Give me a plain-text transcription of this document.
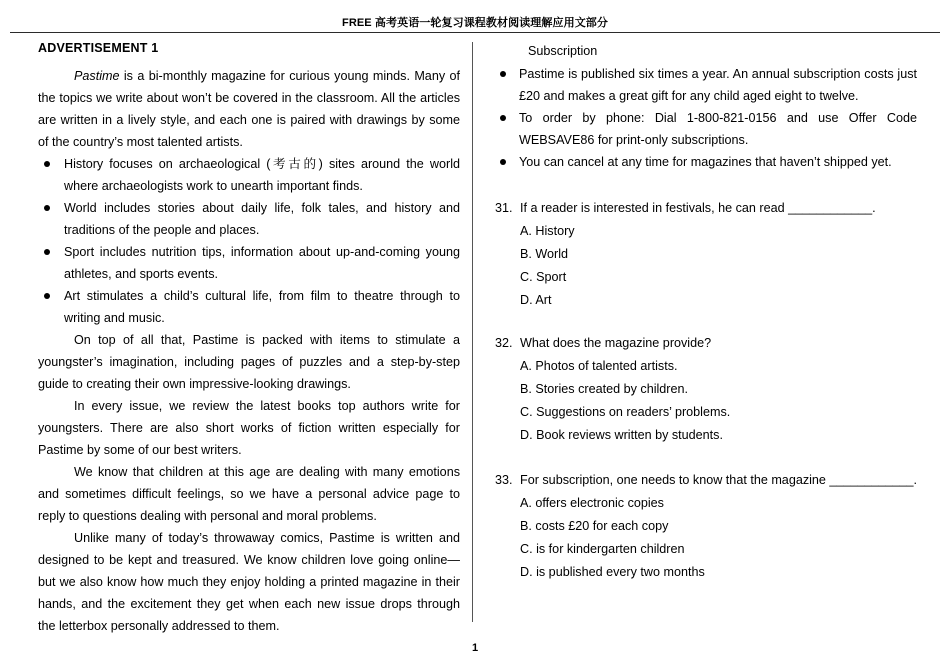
FREE 高考英语一轮复习课程教材阅读理解应用文部分
ADVERTISEMENT 1

Pastime is a bi-monthly magazine for curious young minds. Many of the topics we write about won’t be covered in the classroom. All the articles are written in a lively style, and each one is paired with drawings by some of the country’s most talented artists.

History focuses on archaeological (考古的) sites around the world where archaeologists work to unearth important finds.
World includes stories about daily life, folk tales, and history and traditions of the people and places.
Sport includes nutrition tips, information about up-and-coming young athletes, and sports events.
Art stimulates a child’s cultural life, from film to theatre through to writing and music.

On top of all that, Pastime is packed with items to stimulate a youngster’s imagination, including pages of puzzles and a step-by-step guide to creating their own impressive-looking drawings.

In every issue, we review the latest books top authors write for youngsters. There are also short works of fiction written especially for Pastime by some of our best writers.

We know that children at this age are dealing with many emotions and sometimes difficult feelings, so we have a personal advice page to reply to questions dealing with personal and moral problems.

Unlike many of today’s throwaway comics, Pastime is written and designed to be kept and treasured. We know children love going online—but we also know how much they enjoy holding a printed magazine in their hands, and the excitement they get when each new issue drops through the letterbox personally addressed to them.

Subscription
Pastime is published six times a year. An annual subscription costs just £20 and makes a great gift for any child aged eight to twelve.
To order by phone: Dial 1-800-821-0156 and use Offer Code WEBSAVE86 for print-only subscriptions.
You can cancel at any time for magazines that haven’t shipped yet.

31. If a reader is interested in festivals, he can read ____________.

A. History

B. World

C. Sport

D. Art

32. What does the magazine provide?

A. Photos of talented artists.

B. Stories created by children.

C. Suggestions on readers’ problems.

D. Book reviews written by students.

33. For subscription, one needs to know that the magazine ____________.

A. offers electronic copies

B. costs £20 for each copy

C. is for kindergarten children

D. is published every two months

1
